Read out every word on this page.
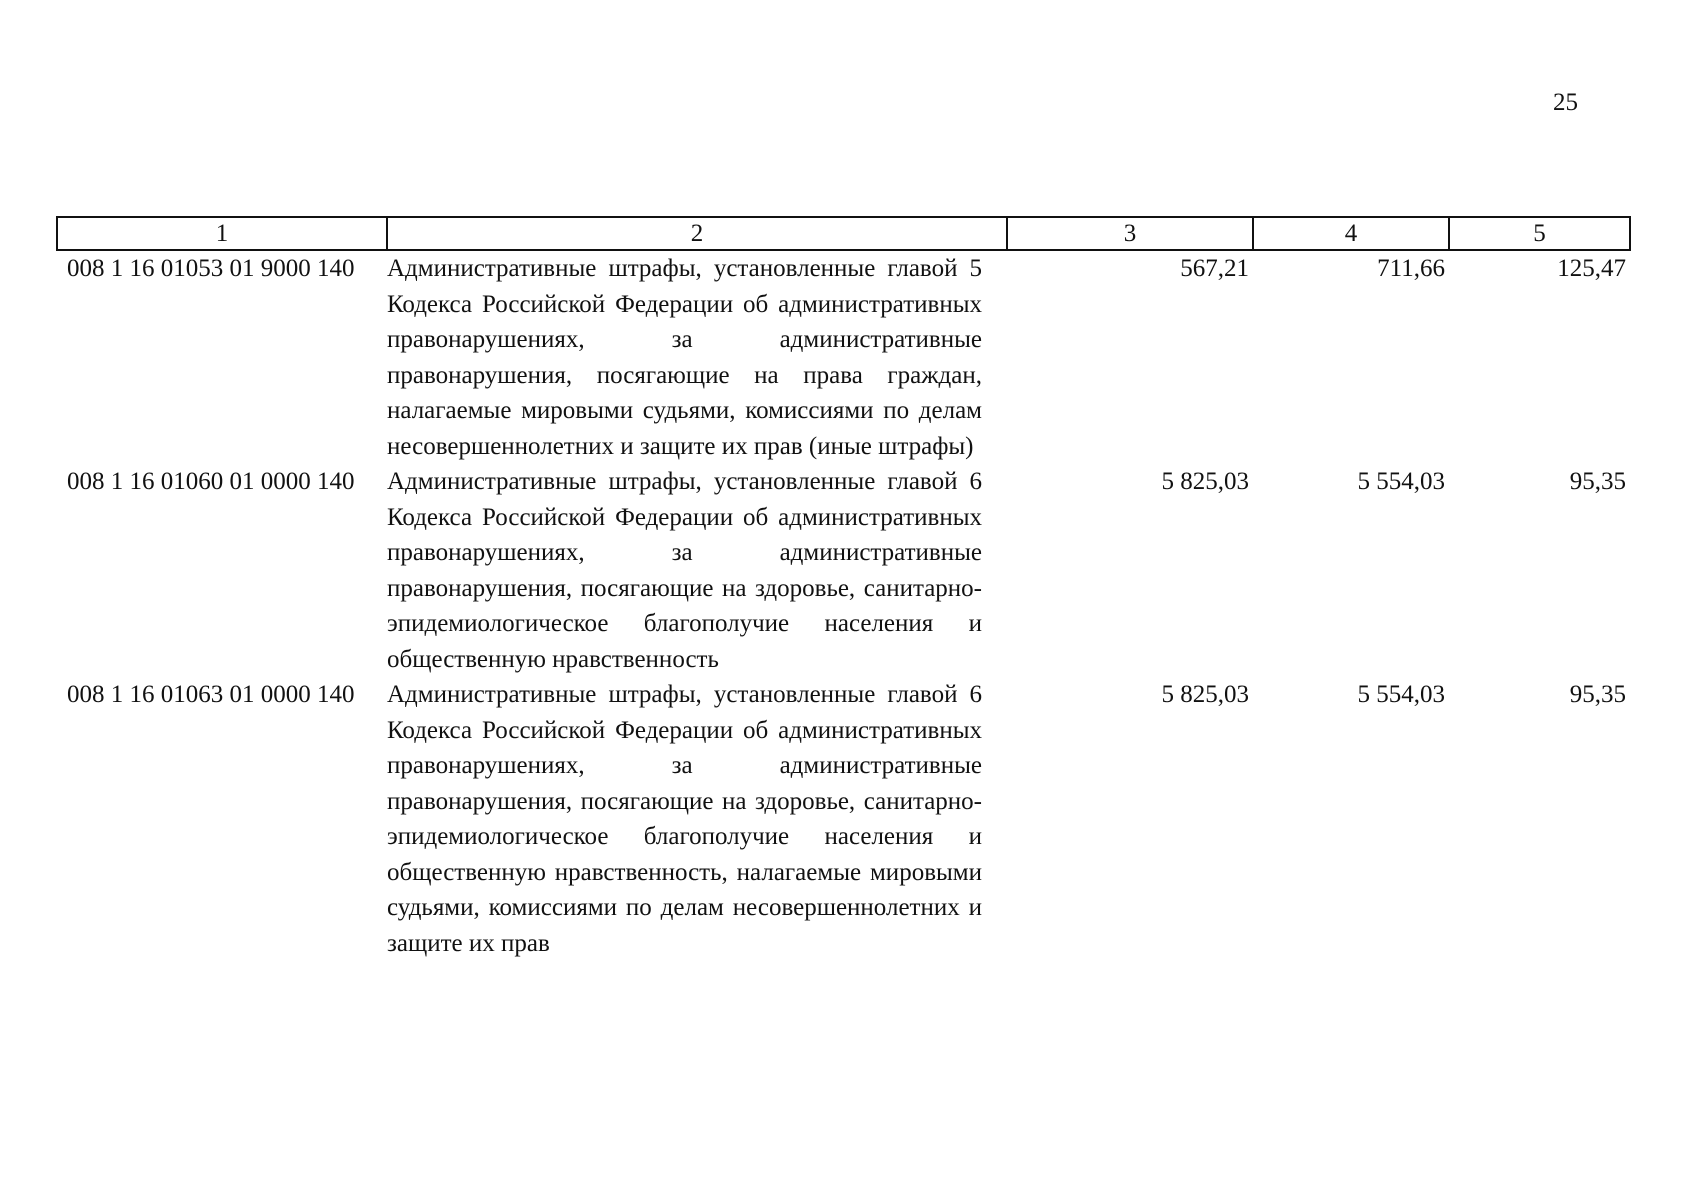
25
1	2	3	4	5
008 1 16 01053 01 9000 140	Административные штрафы, установленные главой 5 Кодекса Российской Федерации об административных правонарушениях, за административные правонарушения, посягающие на права граждан, налагаемые мировыми судьями, комиссиями по делам несовершеннолетних и защите их прав (иные штрафы)	567,21	711,66	125,47
008 1 16 01060 01 0000 140	Административные штрафы, установленные главой 6 Кодекса Российской Федерации об административных правонарушениях, за административные правонарушения, посягающие на здоровье, санитарно-эпидемиологическое благополучие населения и общественную нравственность	5 825,03	5 554,03	95,35
008 1 16 01063 01 0000 140	Административные штрафы, установленные главой 6 Кодекса Российской Федерации об административных правонарушениях, за административные правонарушения, посягающие на здоровье, санитарно-эпидемиологическое благополучие населения и общественную нравственность, налагаемые мировыми судьями, комиссиями по делам несовершеннолетних и защите их прав	5 825,03	5 554,03	95,35
